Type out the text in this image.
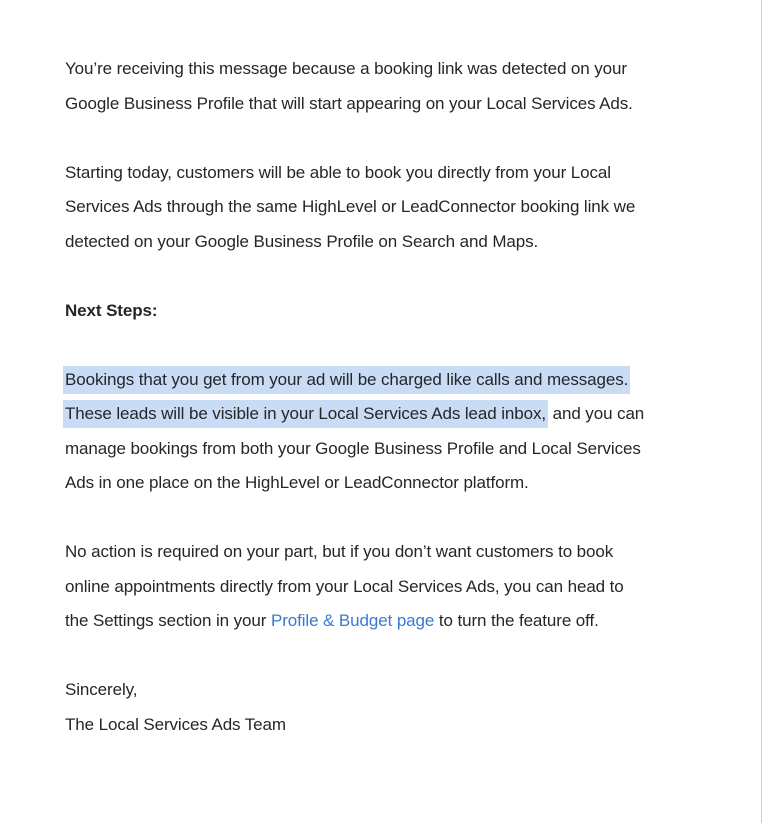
You’re receiving this message because a booking link was detected on your
Google Business Profile that will start appearing on your Local Services Ads.

Starting today, customers will be able to book you directly from your Local
Services Ads through the same HighLevel or LeadConnector booking link we
detected on your Google Business Profile on Search and Maps.

Next Steps:

Bookings that you get from your ad will be charged like calls and messages.
These leads will be visible in your Local Services Ads lead inbox, and you can
manage bookings from both your Google Business Profile and Local Services
Ads in one place on the HighLevel or LeadConnector platform.

No action is required on your part, but if you don’t want customers to book
online appointments directly from your Local Services Ads, you can head to
the Settings section in your Profile & Budget page to turn the feature off.

Sincerely,
The Local Services Ads Team
